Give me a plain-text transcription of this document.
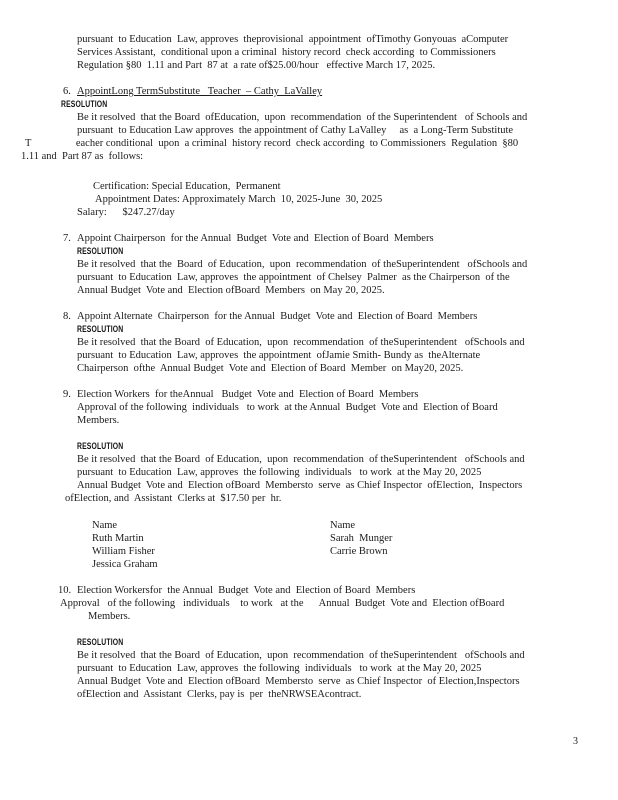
pursuant  to Education  Law, approves  theprovisional  appointment  ofTimothy Gonyouas  aComputer
Services Assistant,  conditional upon a criminal  history record  check according  to Commissioners
Regulation §80  1.11 and Part  87 at  a rate of$25.00/hour   effective March 17, 2025.
6. AppointLong TermSubstitute   Teacher  – Cathy  LaValley
RESOLUTION
Be it resolved  that the Board  ofEducation,  upon  recommendation  of the Superintendent   of Schools and
pursuant  to Education Law approves  the appointment of Cathy LaValley     as  a Long-Term Substitute
T                 eacher conditional  upon  a criminal  history record  check according  to Commissioners  Regulation  §80
1.11 and  Part 87 as  follows:
Certification: Special Education,  Permanent
Appointment Dates: Approximately March  10, 2025-June  30, 2025
Salary:      $247.27/day
7. Appoint Chairperson  for the Annual  Budget  Vote and  Election of Board  Members
RESOLUTION
Be it resolved  that the  Board  of Education,  upon  recommendation  of theSuperintendent   ofSchools and
pursuant  to Education  Law, approves  the appointment  of Chelsey  Palmer  as the Chairperson  of the
Annual Budget  Vote and  Election ofBoard  Members  on May 20, 2025.
8. Appoint Alternate  Chairperson  for the Annual  Budget  Vote and  Election of Board  Members
RESOLUTION
Be it resolved  that the Board  of Education,  upon  recommendation  of theSuperintendent   ofSchools and
pursuant  to Education  Law, approves  the appointment  ofJamie Smith- Bundy as  theAlternate
Chairperson  ofthe  Annual Budget  Vote and  Election of Board  Member  on May20, 2025.
9. Election Workers  for theAnnual   Budget  Vote and  Election of Board  Members
Approval of the following  individuals   to work  at the Annual  Budget  Vote and  Election of Board
Members.
RESOLUTION
Be it resolved  that the Board  of Education,  upon  recommendation  of theSuperintendent   ofSchools and
pursuant  to Education  Law, approves  the following  individuals   to work  at the May 20, 2025
Annual Budget  Vote and  Election ofBoard  Membersto  serve  as Chief Inspector  ofElection,  Inspectors
ofElection, and  Assistant  Clerks at  $17.50 per  hr.
Name	Name
Ruth Martin	Sarah  Munger
William Fisher	Carrie Brown
Jessica Graham
10. Election Workersfor  the Annual  Budget  Vote and  Election of Board  Members
Approval   of the following   individuals    to work   at the      Annual  Budget  Vote and  Election ofBoard
Members.
RESOLUTION
Be it resolved  that the Board  of Education,  upon  recommendation  of theSuperintendent   ofSchools and
pursuant  to Education  Law, approves  the following  individuals   to work  at the May 20, 2025
Annual Budget  Vote and  Election ofBoard  Membersto  serve  as Chief Inspector  of Election,Inspectors
ofElection and  Assistant  Clerks, pay is  per  theNRWSEAcontract.
3
